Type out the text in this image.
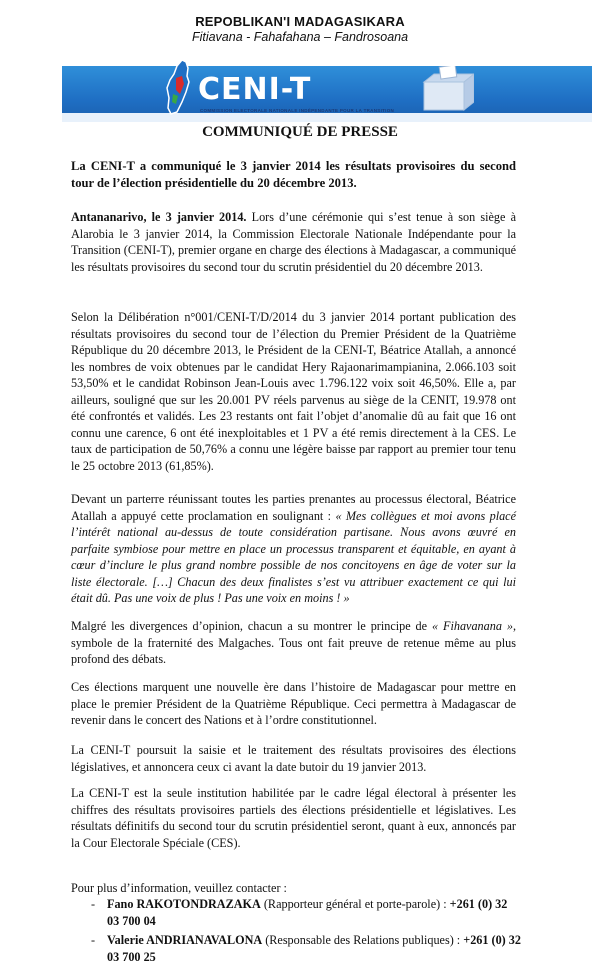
REPOBLIKAN'I MADAGASIKARA
Fitiavana - Fahafahana – Fandrosoana
CENI-T
COMMISSION ELECTORALE NATIONALE INDÉPENDANTE POUR LA TRANSITION
COMMUNIQUÉ DE PRESSE
La CENI-T a communiqué le 3 janvier 2014 les résultats provisoires du second tour de l’élection présidentielle du 20 décembre 2013.
Antananarivo, le 3 janvier 2014. Lors d’une cérémonie qui s’est tenue à son siège à Alarobia le 3 janvier 2014, la Commission Electorale Nationale Indépendante pour la Transition (CENI-T), premier organe en charge des élections à Madagascar, a communiqué les résultats provisoires du second tour du scrutin présidentiel du 20 décembre 2013.
Selon la Délibération n°001/CENI-T/D/2014 du 3 janvier 2014 portant publication des résultats provisoires du second tour de l’élection du Premier Président de la Quatrième République du 20 décembre 2013, le Président de la CENI-T, Béatrice Atallah, a annoncé les nombres de voix obtenues par le candidat Hery Rajaonarimampianina, 2.066.103 soit 53,50% et le candidat Robinson Jean-Louis avec 1.796.122 voix soit 46,50%. Elle a, par ailleurs, souligné que sur les 20.001 PV réels parvenus au siège de la CENIT, 19.978 ont été confrontés et validés. Les 23 restants ont fait l’objet d’anomalie dû au fait que 16 ont connu une carence, 6 ont été inexploitables et 1 PV a été remis directement à la CES. Le taux de participation de 50,76% a connu une légère baisse par rapport au premier tour tenu le 25 octobre 2013 (61,85%).
Devant un parterre réunissant toutes les parties prenantes au processus électoral, Béatrice Atallah a appuyé cette proclamation en soulignant : « Mes collègues et moi avons placé l’intérêt national au-dessus de toute considération partisane. Nous avons œuvré en parfaite symbiose pour mettre en place un processus transparent et équitable, en ayant à cœur d’inclure le plus grand nombre possible de nos concitoyens en âge de voter sur la liste électorale. […] Chacun des deux finalistes s’est vu attribuer exactement ce qui lui était dû. Pas une voix de plus ! Pas une voix en moins ! »
Malgré les divergences d’opinion, chacun a su montrer le principe de « Fihavanana », symbole de la fraternité des Malgaches. Tous ont fait preuve de retenue même au plus profond des débats.
Ces élections marquent une nouvelle ère dans l’histoire de Madagascar pour mettre en place le premier Président de la Quatrième République. Ceci permettra à Madagascar de revenir dans le concert des Nations et à l’ordre constitutionnel.
La CENI-T poursuit la saisie et le traitement des résultats provisoires des élections législatives, et annoncera ceux ci avant la date butoir du 19 janvier 2013.
La CENI-T est la seule institution habilitée par le cadre légal électoral à présenter les chiffres des résultats provisoires partiels des élections présidentielle et législatives. Les résultats définitifs du second tour du scrutin présidentiel seront, quant à eux, annoncés par la Cour Electorale Spéciale (CES).
Pour plus d’information, veuillez contacter :
- Fano RAKOTONDRAZAKA (Rapporteur général et porte-parole) : +261 (0) 32 03 700 04
- Valerie ANDRIANAVALONA (Responsable des Relations publiques) : +261 (0) 32 03 700 25
